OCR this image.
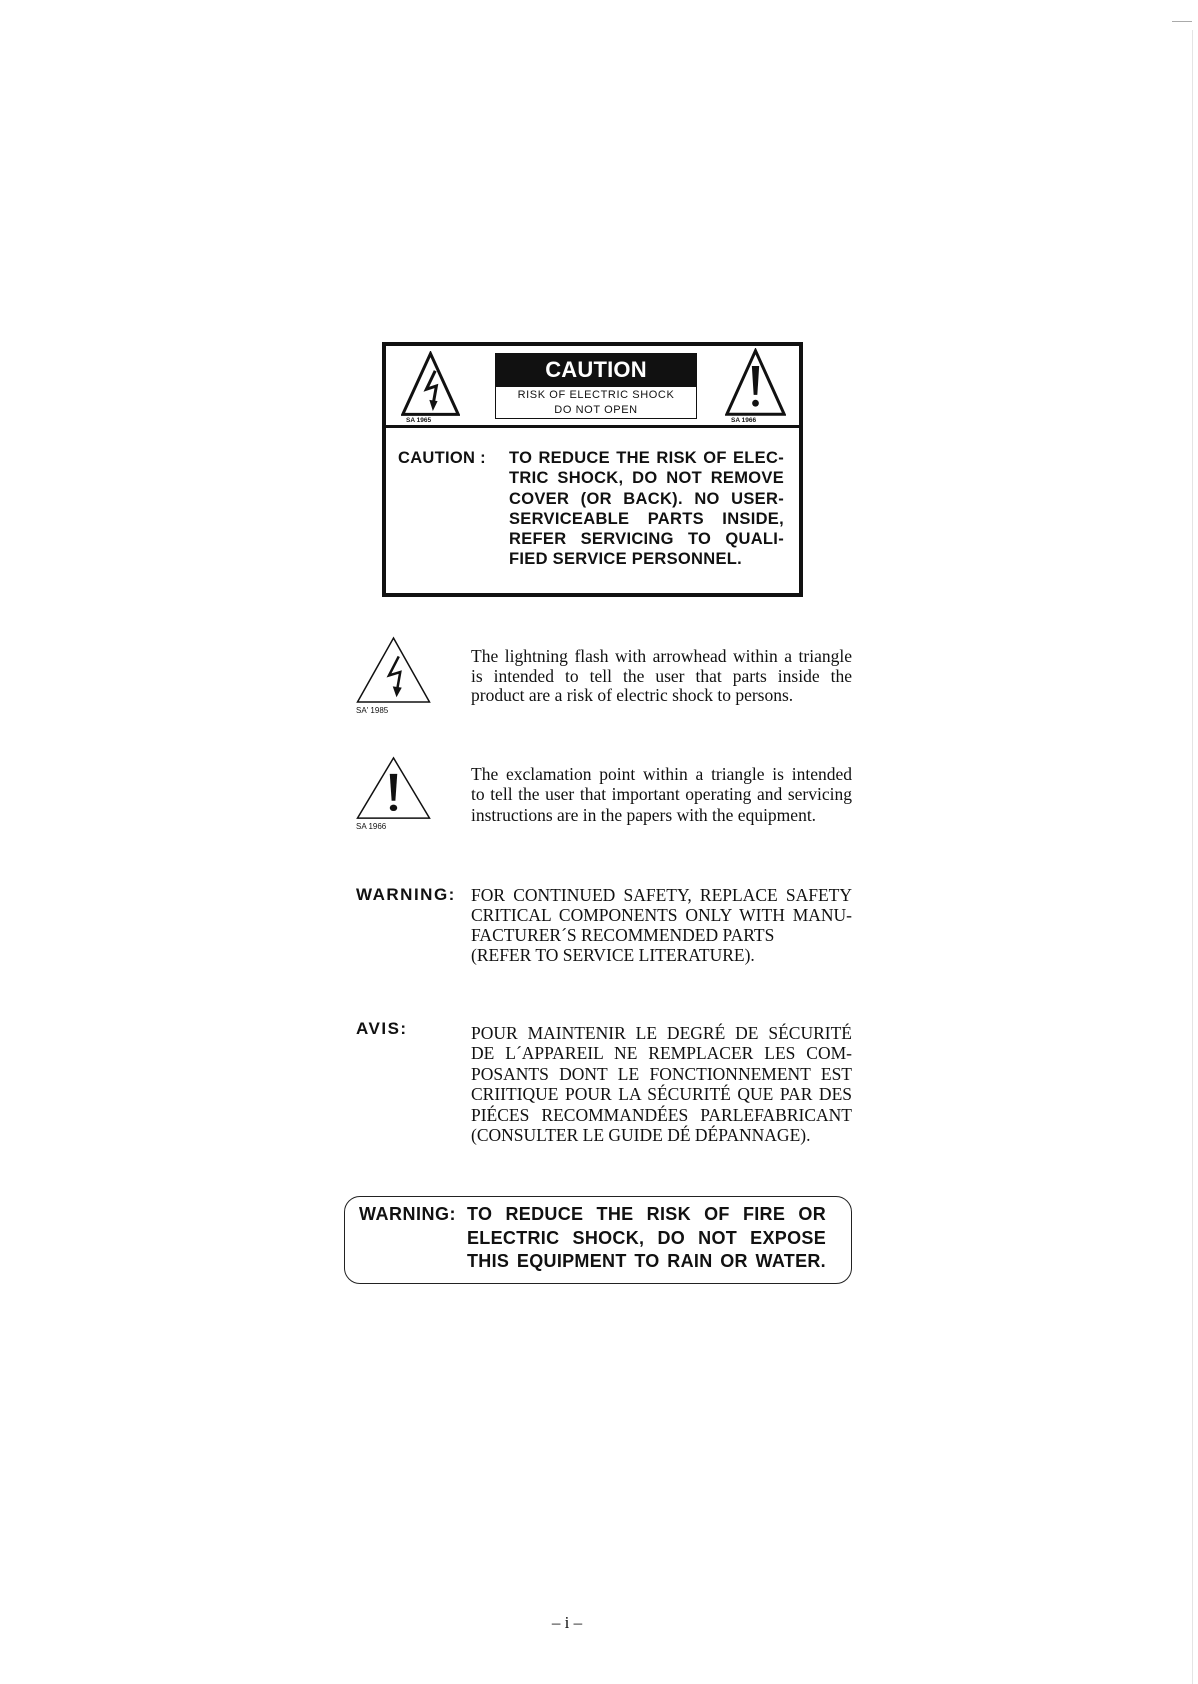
SA 1965
CAUTION
RISK OF ELECTRIC SHOCK
DO NOT OPEN
SA 1966
CAUTION : TO REDUCE THE RISK OF ELEC-
TRIC SHOCK, DO NOT REMOVE
COVER (OR BACK). NO USER-
SERVICEABLE PARTS INSIDE,
REFER SERVICING TO QUALI-
FIED SERVICE PERSONNEL.
SA' 1985
The lightning flash with arrowhead within a triangle
is intended to tell the user that parts inside the
product are a risk of electric shock to persons.
SA 1966
The exclamation point within a triangle is intended
to tell the user that important operating and servicing
instructions are in the papers with the equipment.
WARNING: FOR CONTINUED SAFETY, REPLACE SAFETY
CRITICAL COMPONENTS ONLY WITH MANU-
FACTURER´S RECOMMENDED PARTS
(REFER TO SERVICE LITERATURE).
AVIS:	POUR MAINTENIR LE DEGRÉ DE SÉCURITÉ
DE L´APPAREIL NE REMPLACER LES COM-
POSANTS DONT LE FONCTIONNEMENT EST
CRIITIQUE POUR LA SÉCURITÉ QUE PAR DES
PIÉCES RECOMMANDÉES PARLEFABRICANT
(CONSULTER LE GUIDE DÉ DÉPANNAGE).
WARNING: TO REDUCE THE RISK OF FIRE OR
ELECTRIC SHOCK, DO NOT EXPOSE
THIS EQUIPMENT TO RAIN OR WATER.
– i –
